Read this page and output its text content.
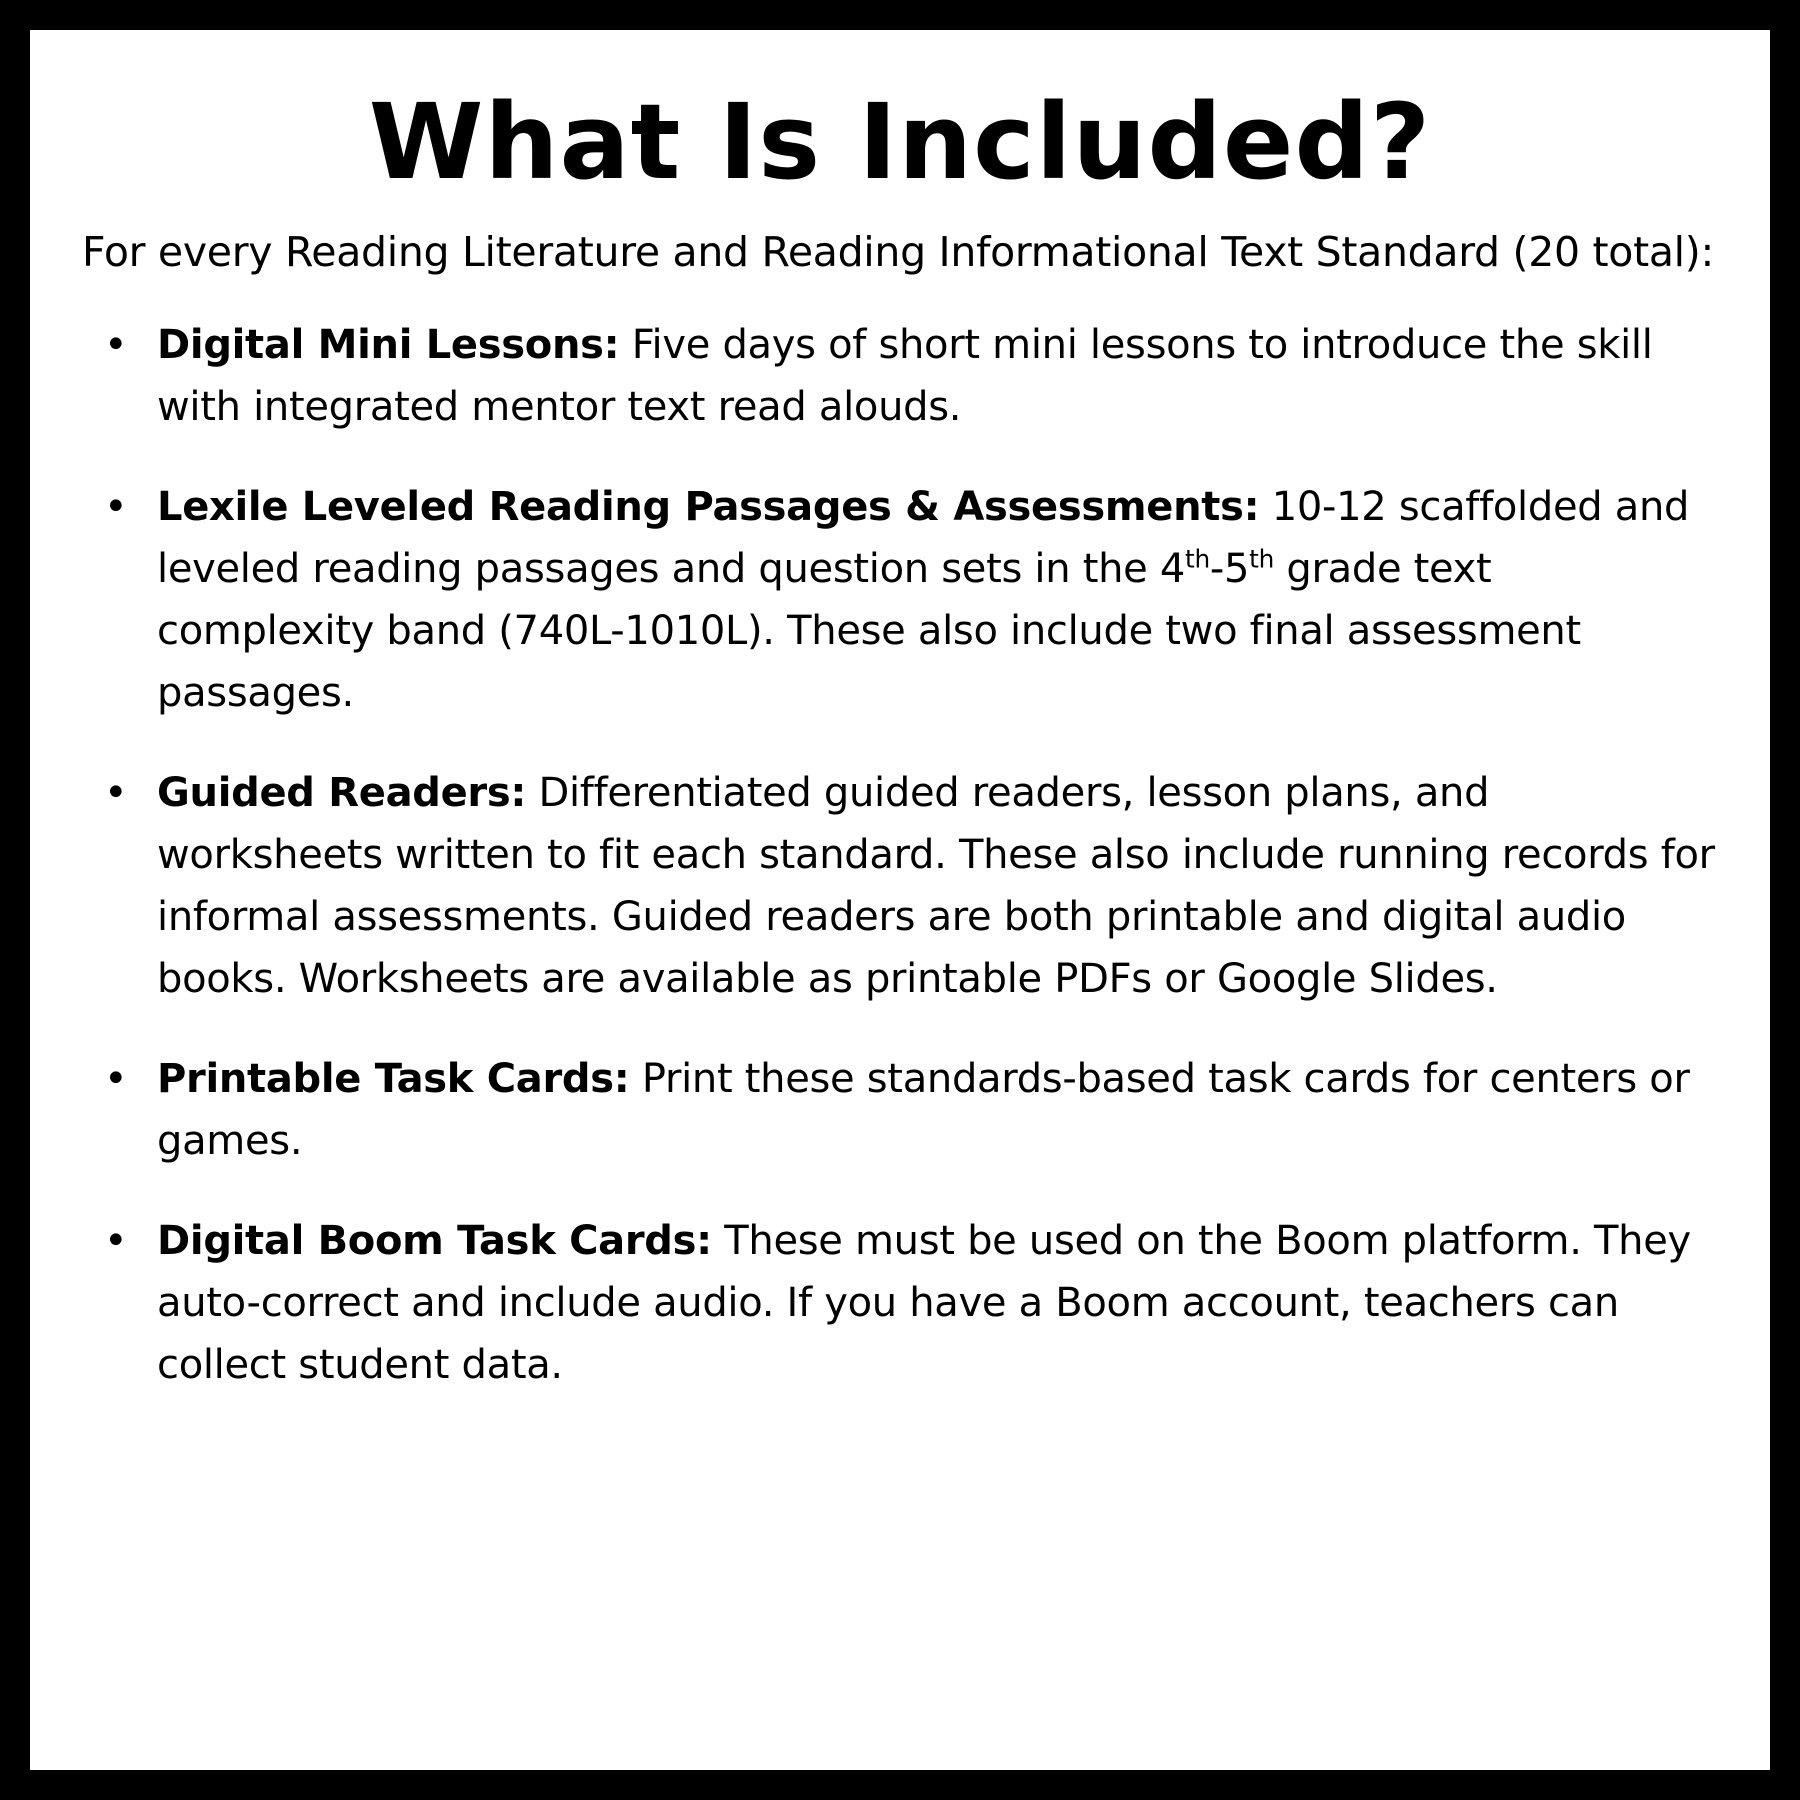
What Is Included?

For every Reading Literature and Reading Informational Text Standard (20 total):

• Digital Mini Lessons: Five days of short mini lessons to introduce the skill with integrated mentor text read alouds.
• Lexile Leveled Reading Passages & Assessments: 10-12 scaffolded and leveled reading passages and question sets in the 4th-5th grade text complexity band (740L-1010L). These also include two final assessment passages.
• Guided Readers: Differentiated guided readers, lesson plans, and worksheets written to fit each standard. These also include running records for informal assessments. Guided readers are both printable and digital audio books. Worksheets are available as printable PDFs or Google Slides.
• Printable Task Cards: Print these standards-based task cards for centers or games.
• Digital Boom Task Cards: These must be used on the Boom platform. They auto-correct and include audio. If you have a Boom account, teachers can collect student data.
